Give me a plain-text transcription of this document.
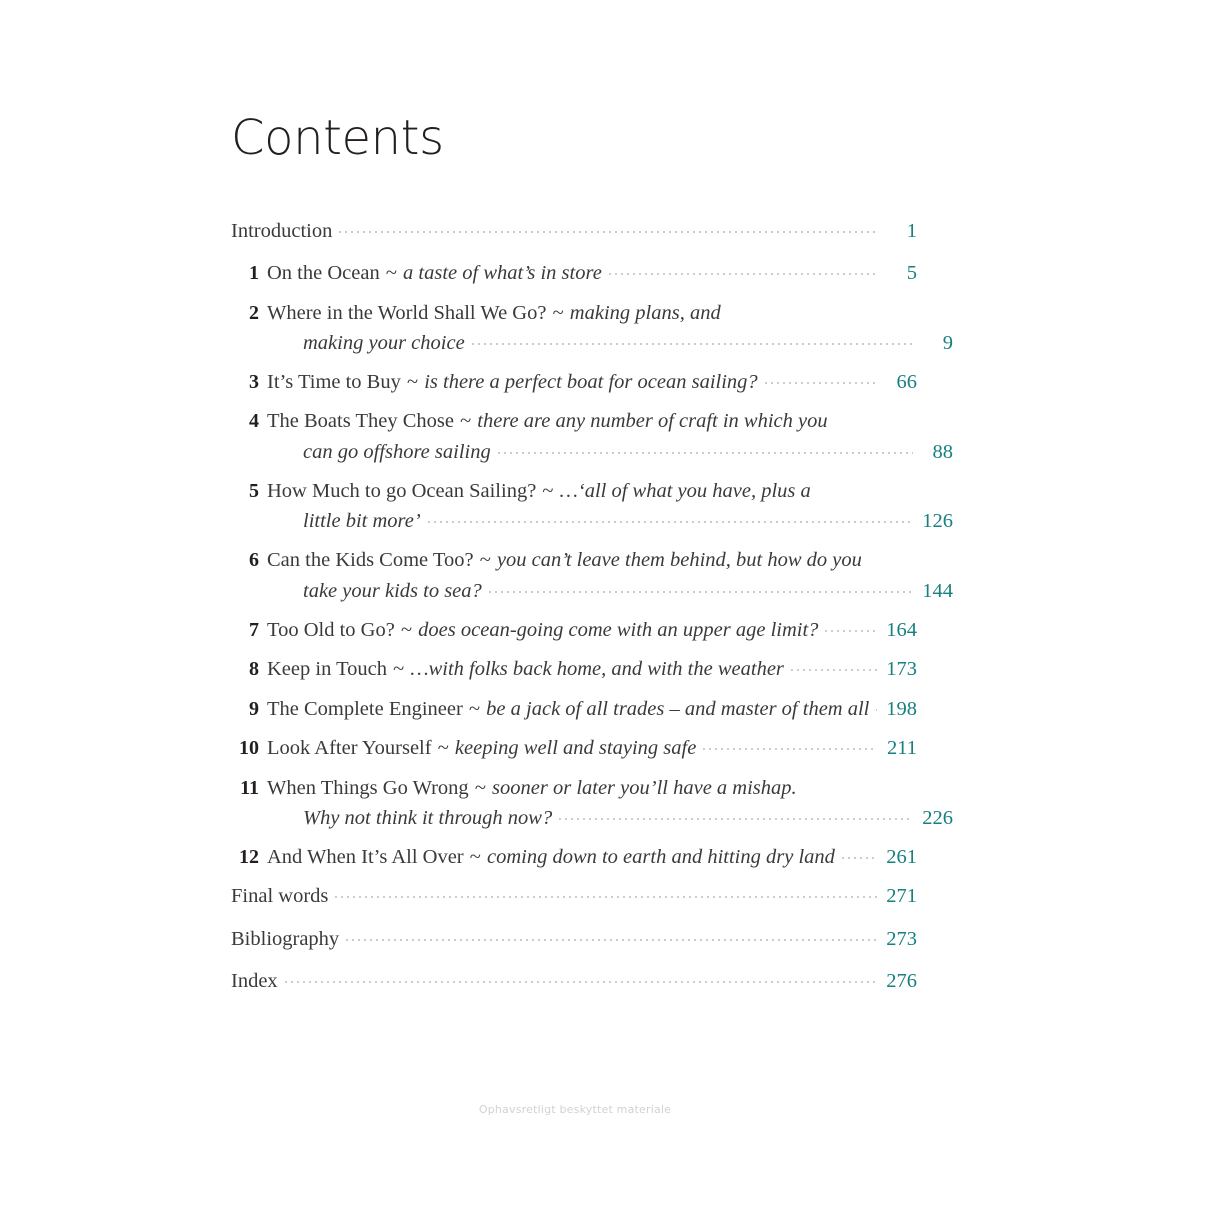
Contents
Introduction	1
1 On the Ocean ~ a taste of what’s in store	5
2 Where in the World Shall We Go? ~ making plans, and
making your choice	9
3 It’s Time to Buy ~ is there a perfect boat for ocean sailing?	66
4 The Boats They Chose ~ there are any number of craft in which you
can go offshore sailing	88
5 How Much to go Ocean Sailing? ~ …‘all of what you have, plus a
little bit more’	126
6 Can the Kids Come Too? ~ you can’t leave them behind, but how do you
take your kids to sea?	144
7 Too Old to Go? ~ does ocean-going come with an upper age limit?	164
8 Keep in Touch ~ …with folks back home, and with the weather	173
9 The Complete Engineer ~ be a jack of all trades – and master of them all 198
10 Look After Yourself ~ keeping well and staying safe	211
11 When Things Go Wrong ~ sooner or later you’ll have a mishap.
Why not think it through now?	226
12 And When It’s All Over ~ coming down to earth and hitting dry land	261
Final words	271
Bibliography	273
Index	276
Ophavsretligt beskyttet materiale
